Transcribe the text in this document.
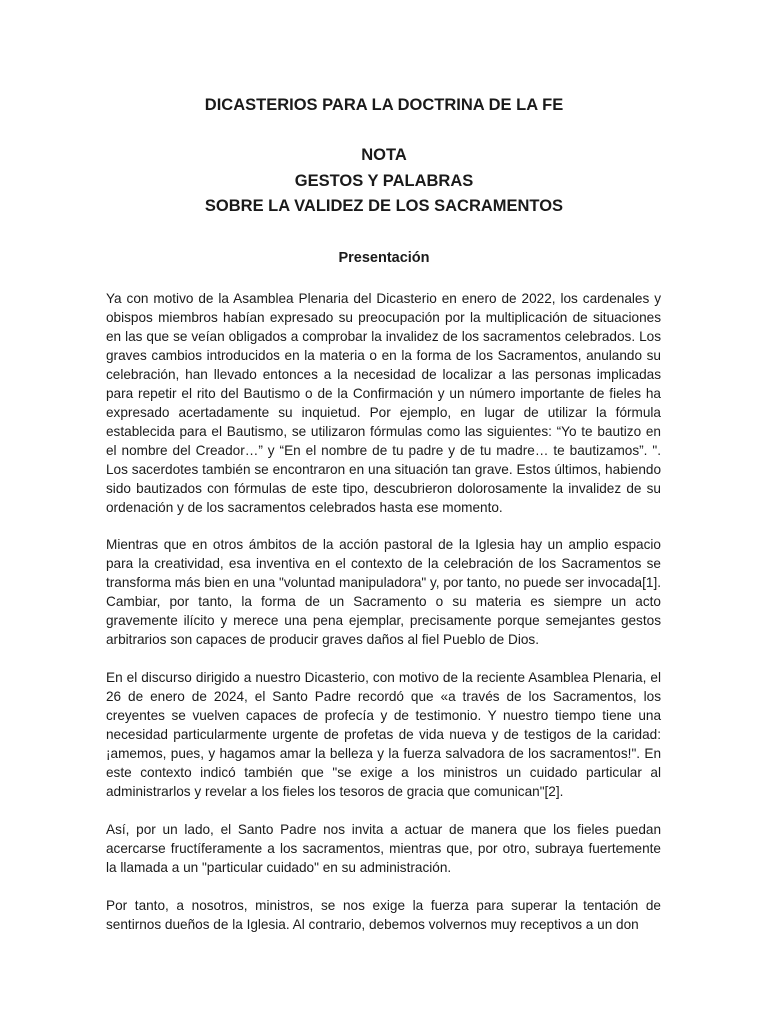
DICASTERIOS PARA LA DOCTRINA DE LA FE
NOTA
GESTOS Y PALABRAS
SOBRE LA VALIDEZ DE LOS SACRAMENTOS
Presentación

Ya con motivo de la Asamblea Plenaria del Dicasterio en enero de 2022, los cardenales y obispos miembros habían expresado su preocupación por la multiplicación de situaciones en las que se veían obligados a comprobar la invalidez de los sacramentos celebrados. Los graves cambios introducidos en la materia o en la forma de los Sacramentos, anulando su celebración, han llevado entonces a la necesidad de localizar a las personas implicadas para repetir el rito del Bautismo o de la Confirmación y un número importante de fieles ha expresado acertadamente su inquietud. Por ejemplo, en lugar de utilizar la fórmula establecida para el Bautismo, se utilizaron fórmulas como las siguientes: “Yo te bautizo en el nombre del Creador…” y “En el nombre de tu padre y de tu madre… te bautizamos”. ". Los sacerdotes también se encontraron en una situación tan grave. Estos últimos, habiendo sido bautizados con fórmulas de este tipo, descubrieron dolorosamente la invalidez de su ordenación y de los sacramentos celebrados hasta ese momento.

Mientras que en otros ámbitos de la acción pastoral de la Iglesia hay un amplio espacio para la creatividad, esa inventiva en el contexto de la celebración de los Sacramentos se transforma más bien en una "voluntad manipuladora" y, por tanto, no puede ser invocada[1]. Cambiar, por tanto, la forma de un Sacramento o su materia es siempre un acto gravemente ilícito y merece una pena ejemplar, precisamente porque semejantes gestos arbitrarios son capaces de producir graves daños al fiel Pueblo de Dios.

En el discurso dirigido a nuestro Dicasterio, con motivo de la reciente Asamblea Plenaria, el 26 de enero de 2024, el Santo Padre recordó que «a través de los Sacramentos, los creyentes se vuelven capaces de profecía y de testimonio. Y nuestro tiempo tiene una necesidad particularmente urgente de profetas de vida nueva y de testigos de la caridad: ¡amemos, pues, y hagamos amar la belleza y la fuerza salvadora de los sacramentos!". En este contexto indicó también que "se exige a los ministros un cuidado particular al administrarlos y revelar a los fieles los tesoros de gracia que comunican"[2].

Así, por un lado, el Santo Padre nos invita a actuar de manera que los fieles puedan acercarse fructíferamente a los sacramentos, mientras que, por otro, subraya fuertemente la llamada a un "particular cuidado" en su administración.

Por tanto, a nosotros, ministros, se nos exige la fuerza para superar la tentación de sentirnos dueños de la Iglesia. Al contrario, debemos volvernos muy receptivos a un don
